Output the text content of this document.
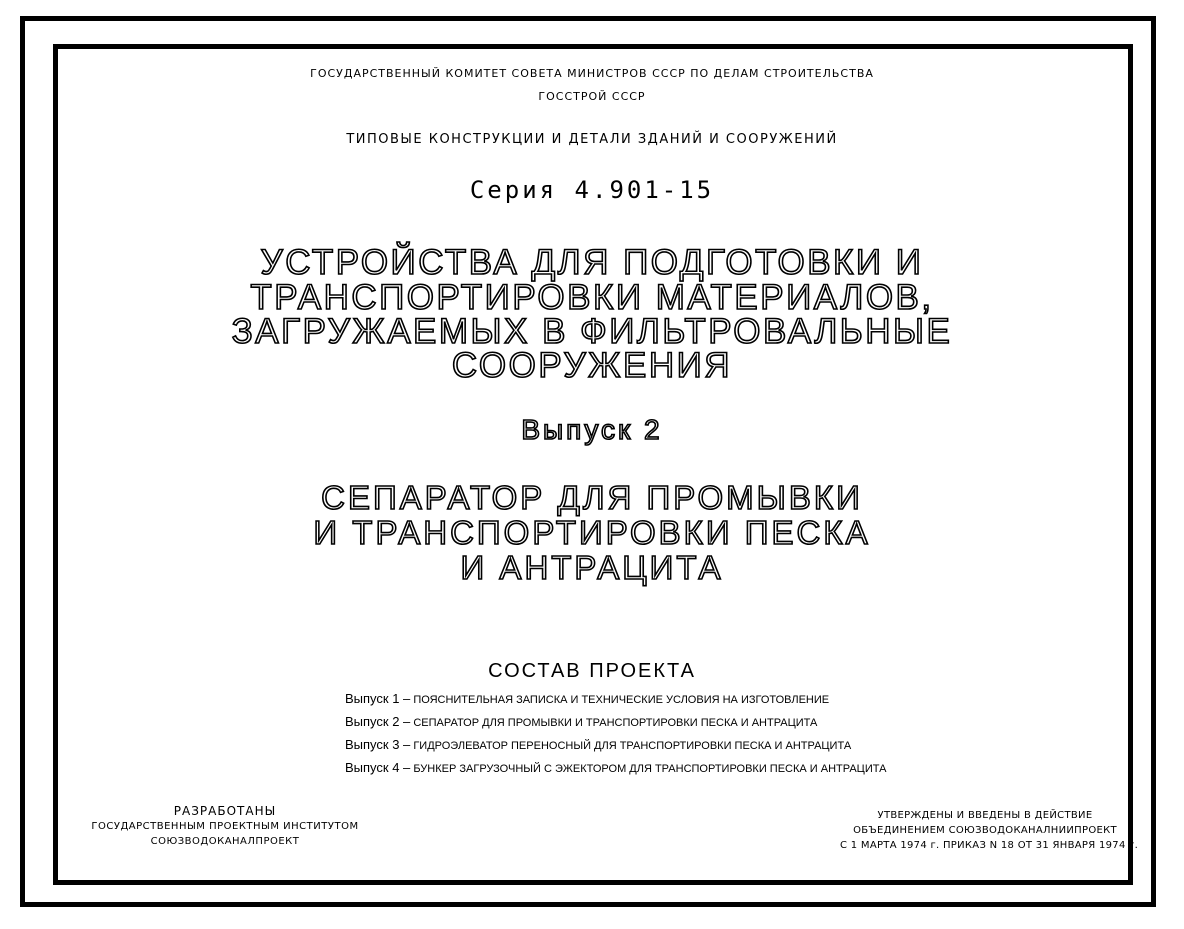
ГОСУДАРСТВЕННЫЙ КОМИТЕТ СОВЕТА МИНИСТРОВ СССР ПО ДЕЛАМ СТРОИТЕЛЬСТВА
ГОССТРОЙ СССР
ТИПОВЫЕ КОНСТРУКЦИИ И ДЕТАЛИ ЗДАНИЙ И СООРУЖЕНИЙ
Серия 4.901-15
УСТРОЙСТВА ДЛЯ ПОДГОТОВКИ И
ТРАНСПОРТИРОВКИ МАТЕРИАЛОВ,
ЗАГРУЖАЕМЫХ В ФИЛЬТРОВАЛЬНЫЕ
СООРУЖЕНИЯ
Выпуск 2
СЕПАРАТОР ДЛЯ ПРОМЫВКИ
И ТРАНСПОРТИРОВКИ ПЕСКА
И АНТРАЦИТА
СОСТАВ ПРОЕКТА
Выпуск 1 – ПОЯСНИТЕЛЬНАЯ ЗАПИСКА И ТЕХНИЧЕСКИЕ УСЛОВИЯ НА ИЗГОТОВЛЕНИЕ
Выпуск 2 – СЕПАРАТОР ДЛЯ ПРОМЫВКИ И ТРАНСПОРТИРОВКИ ПЕСКА И АНТРАЦИТА
Выпуск 3 – ГИДРОЭЛЕВАТОР ПЕРЕНОСНЫЙ ДЛЯ ТРАНСПОРТИРОВКИ ПЕСКА И АНТРАЦИТА
Выпуск 4 – БУНКЕР ЗАГРУЗОЧНЫЙ С ЭЖЕКТОРОМ ДЛЯ ТРАНСПОРТИРОВКИ ПЕСКА И АНТРАЦИТА
РАЗРАБОТАНЫ
ГОСУДАРСТВЕННЫМ ПРОЕКТНЫМ ИНСТИТУТОМ
СОЮЗВОДОКАНАЛПРОЕКТ
УТВЕРЖДЕНЫ И ВВЕДЕНЫ В ДЕЙСТВИЕ
ОБЪЕДИНЕНИЕМ СОЮЗВОДОКАНАЛНИИПРОЕКТ
С 1 МАРТА 1974 г. ПРИКАЗ N 18 ОТ 31 ЯНВАРЯ 1974 г.
